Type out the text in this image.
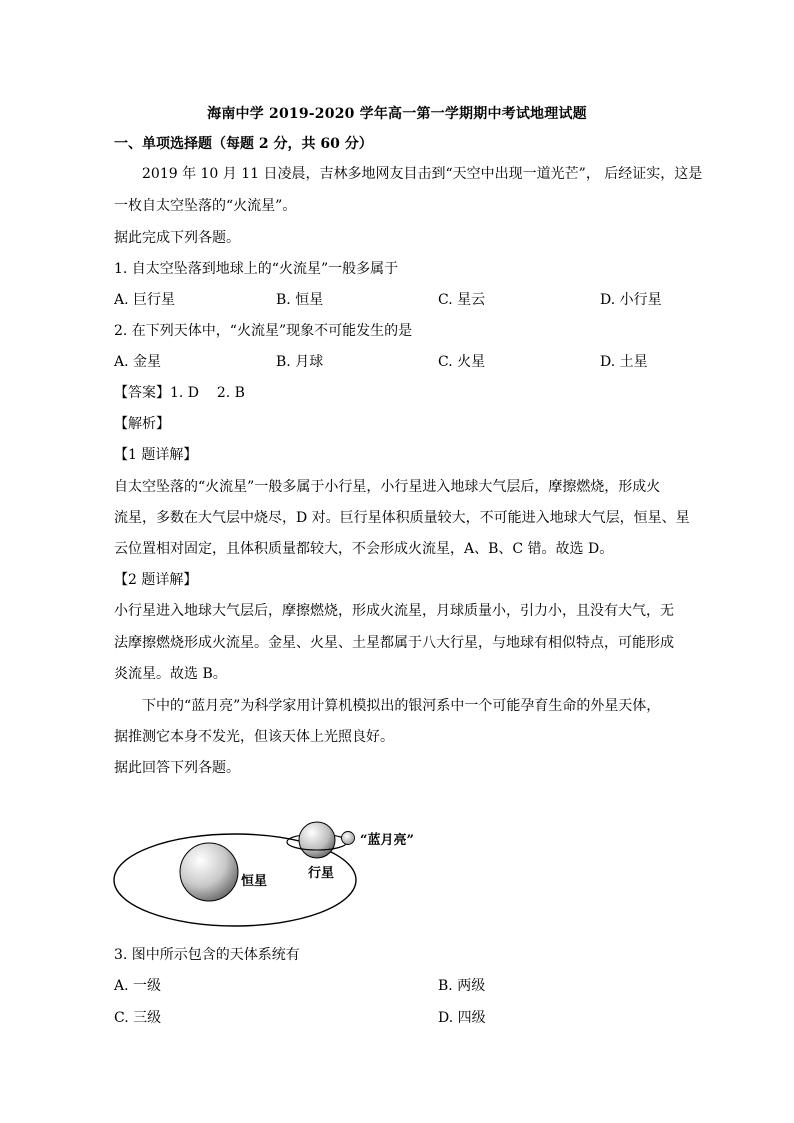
海南中学 2019-2020 学年高一第一学期期中考试地理试题
一、单项选择题（每题 2 分，共 60 分）
2019 年 10 月 11 日凌晨，吉林多地网友目击到“天空中出现一道光芒”， 后经证实，这是
一枚自太空坠落的“火流星”。
据此完成下列各题。
1. 自太空坠落到地球上的“火流星”一般多属于
A. 巨行星	B. 恒星	C. 星云	D. 小行星
2. 在下列天体中，“火流星”现象不可能发生的是
A. 金星	B. 月球	C. 火星	D. 土星
【答案】1. D    2. B
【解析】
【1 题详解】
自太空坠落的“火流星”一般多属于小行星，小行星进入地球大气层后，摩擦燃烧，形成火
流星，多数在大气层中烧尽，D 对。巨行星体积质量较大，不可能进入地球大气层，恒星、星
云位置相对固定，且体积质量都较大，不会形成火流星，A、B、C 错。故选 D。
【2 题详解】
小行星进入地球大气层后，摩擦燃烧，形成火流星，月球质量小，引力小，且没有大气，无
法摩擦燃烧形成火流星。金星、火星、土星都属于八大行星，与地球有相似特点，可能形成
炎流星。故选 B。
下中的“蓝月亮”为科学家用计算机模拟出的银河系中一个可能孕育生命的外星天体，
据推测它本身不发光，但该天体上光照良好。
据此回答下列各题。
恒星
行星
“蓝月亮”
3. 图中所示包含的天体系统有
A. 一级	B. 两级
C. 三级	D. 四级
